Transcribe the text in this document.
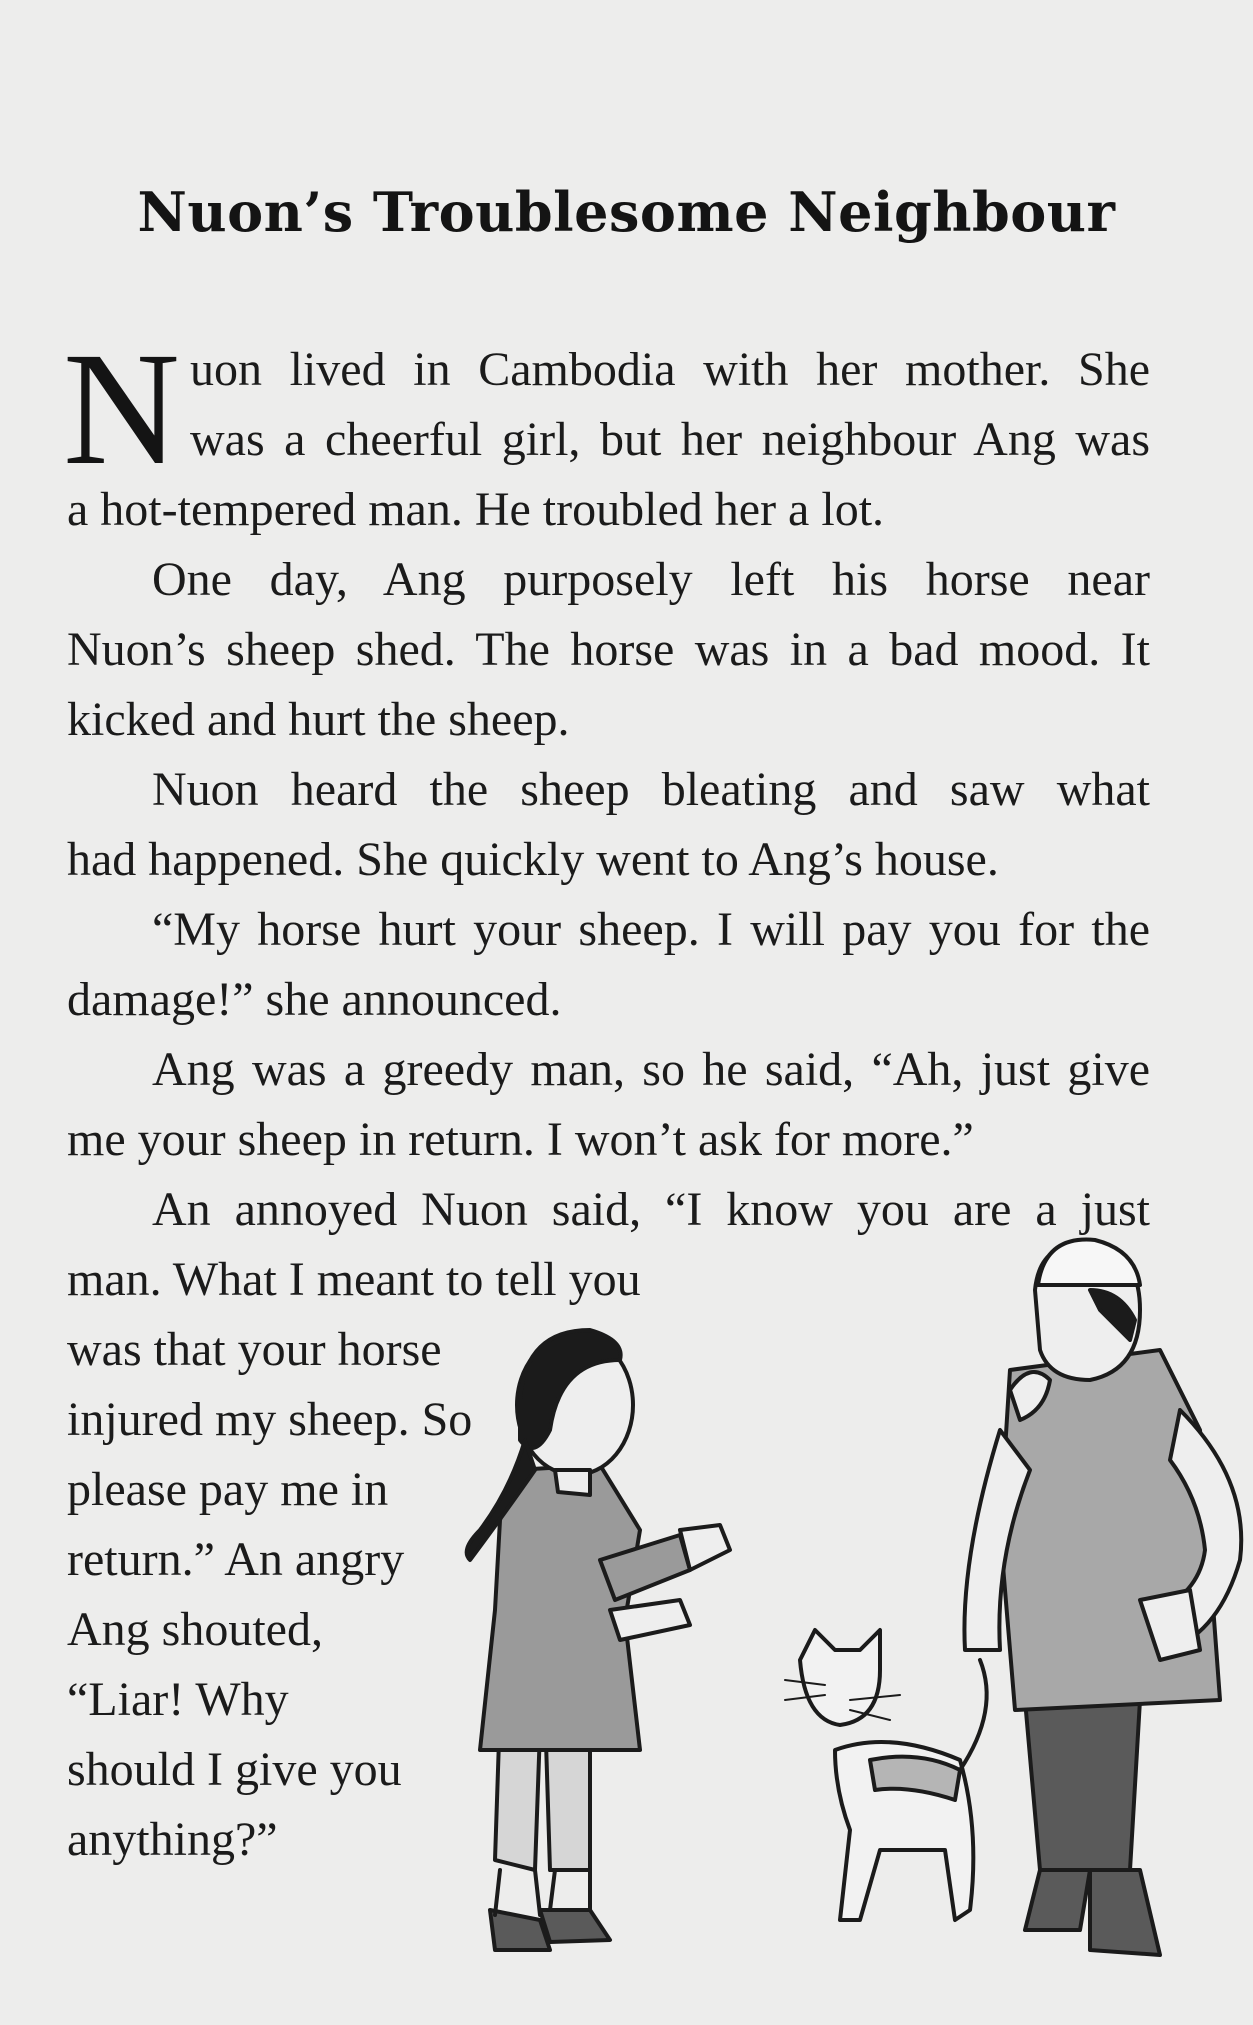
Nuon’s Troublesome Neighbour
N uon lived in Cambodia with her mother. She
was a cheerful girl, but her neighbour Ang was
a hot-tempered man. He troubled her a lot.
One day, Ang purposely left his horse near
Nuon’s sheep shed. The horse was in a bad mood. It
kicked and hurt the sheep.
Nuon heard the sheep bleating and saw what
had happened. She quickly went to Ang’s house.
“My horse hurt your sheep. I will pay you for the
damage!” she announced.
Ang was a greedy man, so he said, “Ah, just give
me your sheep in return. I won’t ask for more.”
An annoyed Nuon said, “I know you are a just
man. What I meant to tell you
was that your horse
injured my sheep. So
please pay me in
return.” An angry
Ang shouted,
“Liar! Why
should I give you
anything?”
